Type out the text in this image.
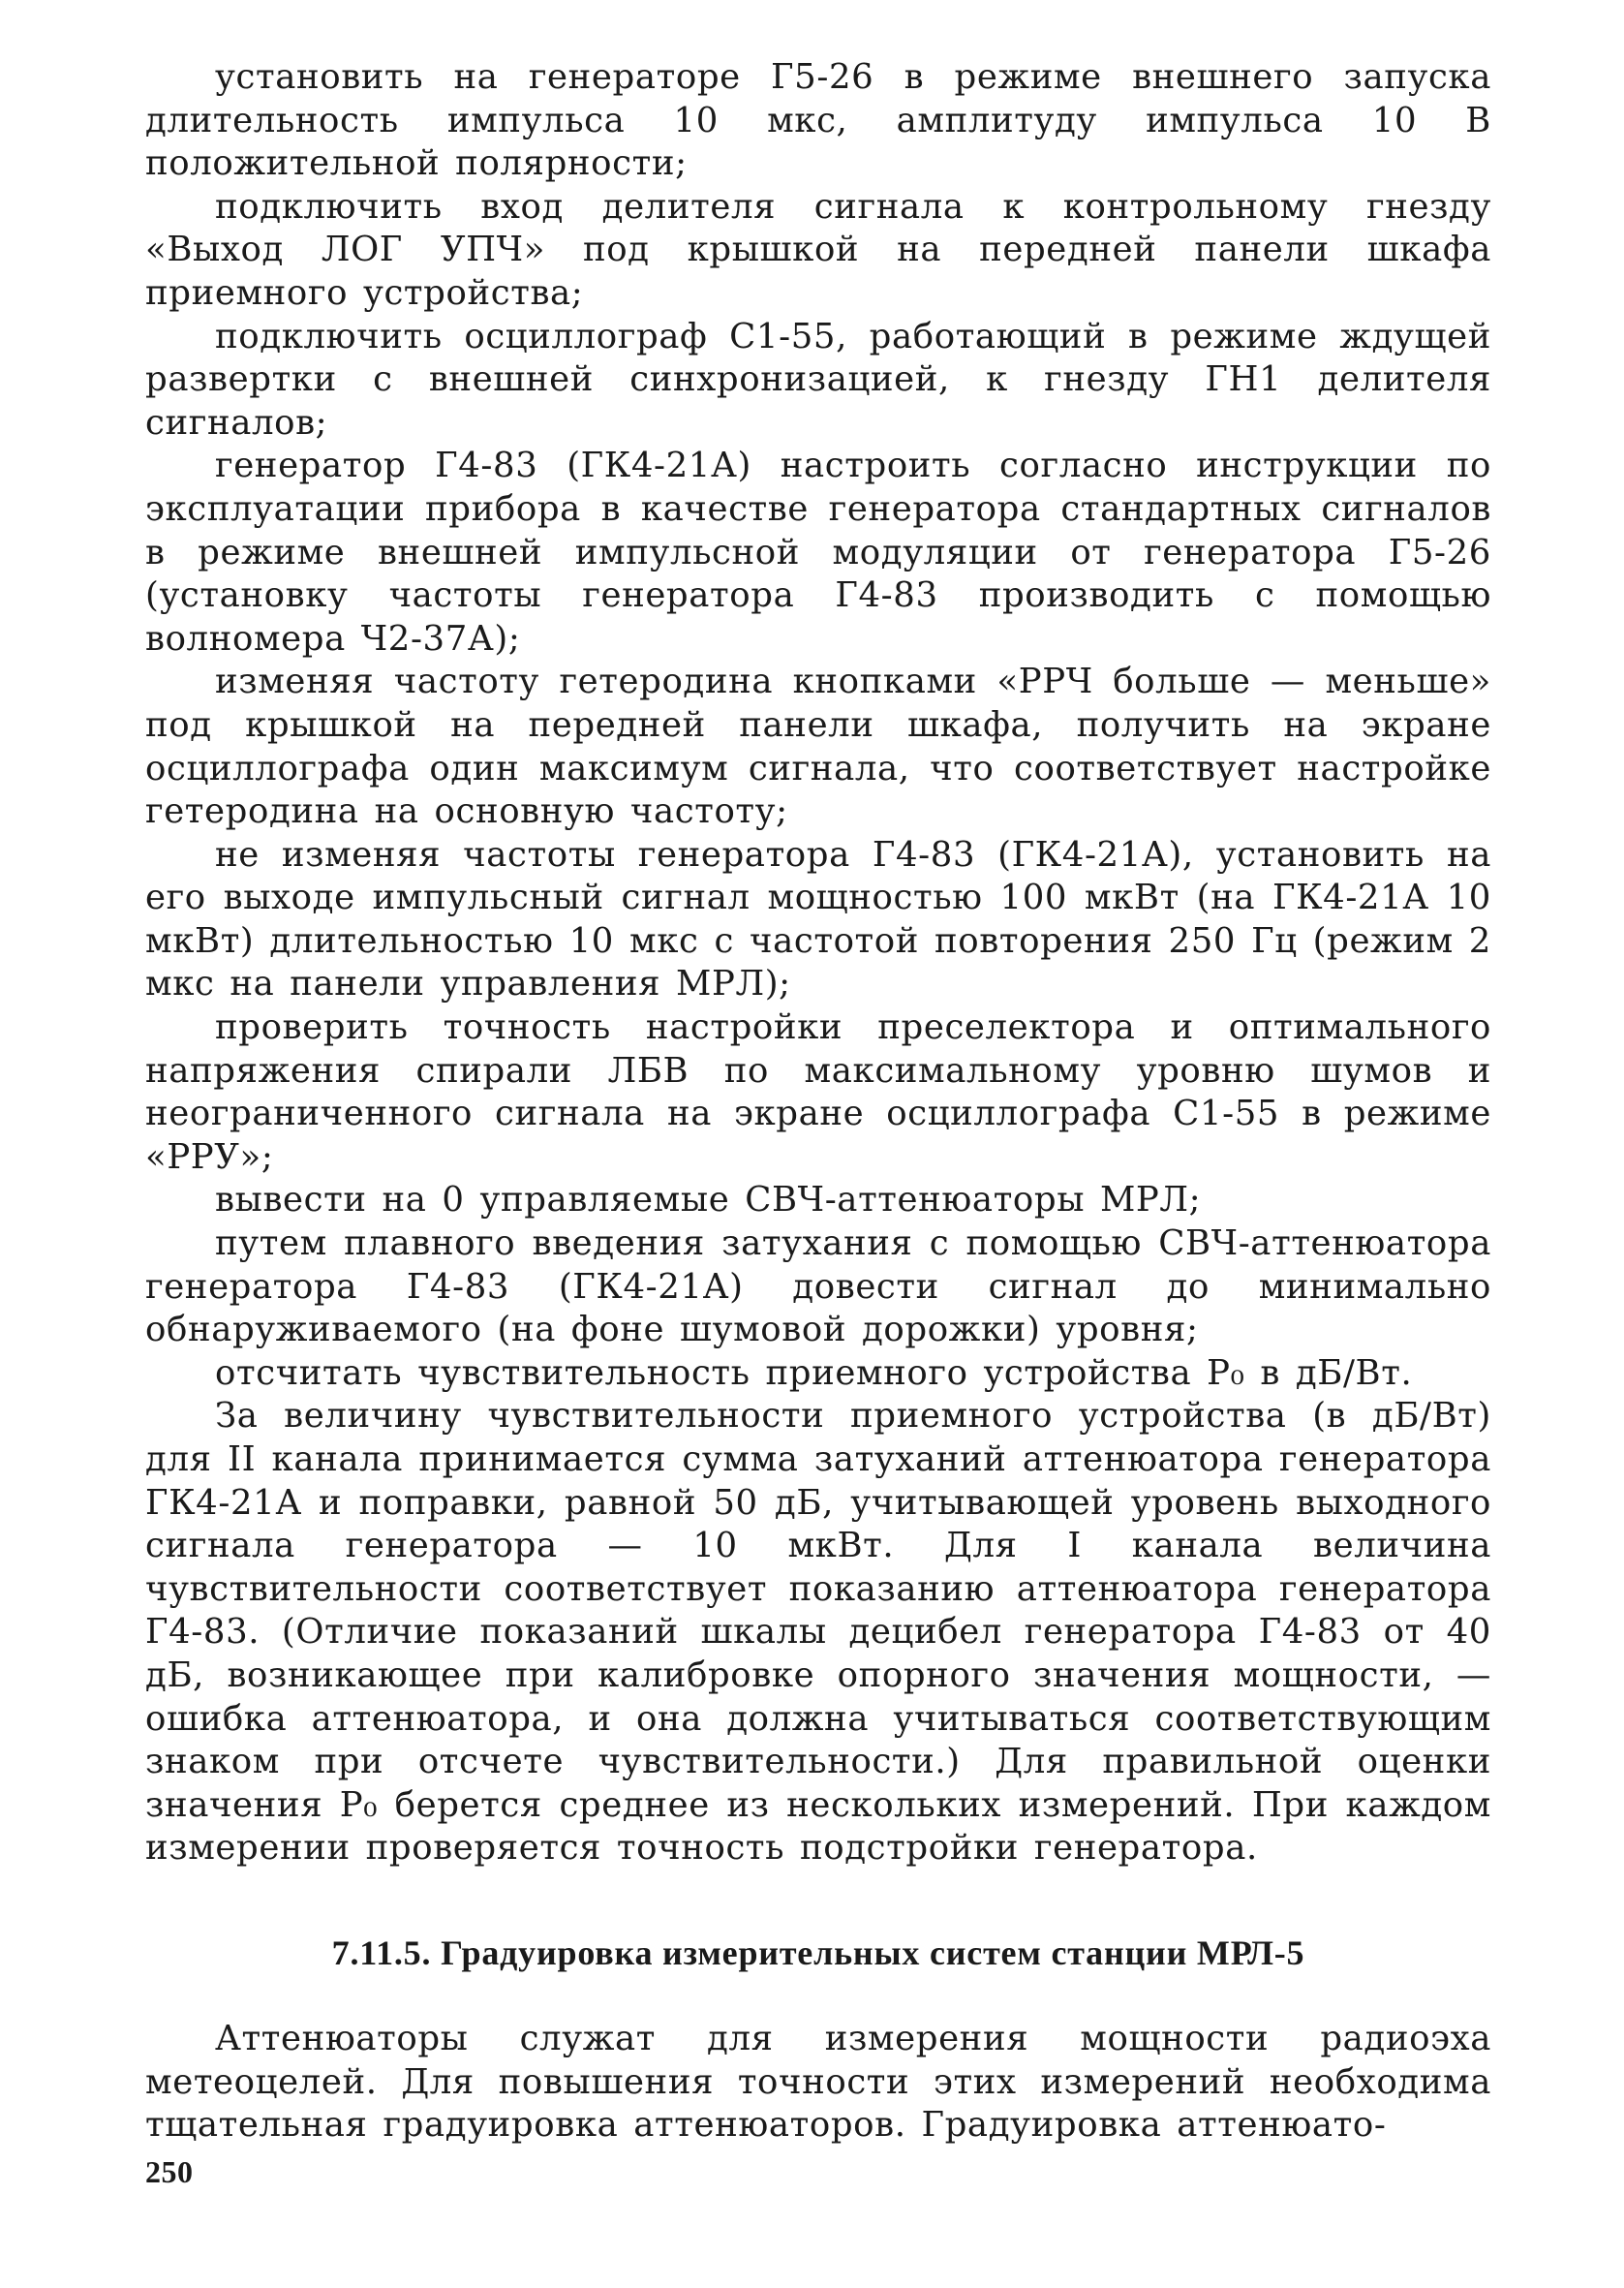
установить на генераторе Г5-26 в режиме внешнего запуска длительность импульса 10 мкс, амплитуду импульса 10 В положительной полярности;

подключить вход делителя сигнала к контрольному гнезду «Выход ЛОГ УПЧ» под крышкой на передней панели шкафа приемного устройства;

подключить осциллограф С1-55, работающий в режиме ждущей развертки с внешней синхронизацией, к гнезду ГН1 делителя сигналов;

генератор Г4-83 (ГК4-21А) настроить согласно инструкции по эксплуатации прибора в качестве генератора стандартных сигналов в режиме внешней импульсной модуляции от генератора Г5-26 (установку частоты генератора Г4-83 производить с помощью волномера Ч2-37А);

изменяя частоту гетеродина кнопками «РРЧ больше — меньше» под крышкой на передней панели шкафа, получить на экране осциллографа один максимум сигнала, что соответствует настройке гетеродина на основную частоту;

не изменяя частоты генератора Г4-83 (ГК4-21А), установить на его выходе импульсный сигнал мощностью 100 мкВт (на ГК4-21А 10 мкВт) длительностью 10 мкс с частотой повторения 250 Гц (режим 2 мкс на панели управления МРЛ);

проверить точность настройки преселектора и оптимального напряжения спирали ЛБВ по максимальному уровню шумов и неограниченного сигнала на экране осциллографа С1-55 в режиме «РРУ»;

вывести на 0 управляемые СВЧ-аттенюаторы МРЛ;

путем плавного введения затухания с помощью СВЧ-аттенюатора генератора Г4-83 (ГК4-21А) довести сигнал до минимально обнаруживаемого (на фоне шумовой дорожки) уровня;

отсчитать чувствительность приемного устройства P₀ в дБ/Вт.

За величину чувствительности приемного устройства (в дБ/Вт) для II канала принимается сумма затуханий аттенюатора генератора ГК4-21А и поправки, равной 50 дБ, учитывающей уровень выходного сигнала генератора — 10 мкВт. Для I канала величина чувствительности соответствует показанию аттенюатора генератора Г4-83. (Отличие показаний шкалы децибел генератора Г4-83 от 40 дБ, возникающее при калибровке опорного значения мощности, — ошибка аттенюатора, и она должна учитываться соответствующим знаком при отсчете чувствительности.) Для правильной оценки значения P₀ берется среднее из нескольких измерений. При каждом измерении проверяется точность подстройки генератора.

7.11.5. Градуировка измерительных систем станции МРЛ-5

Аттенюаторы служат для измерения мощности радиоэха метеоцелей. Для повышения точности этих измерений необходима тщательная градуировка аттенюаторов. Градуировка аттенюато-

250
